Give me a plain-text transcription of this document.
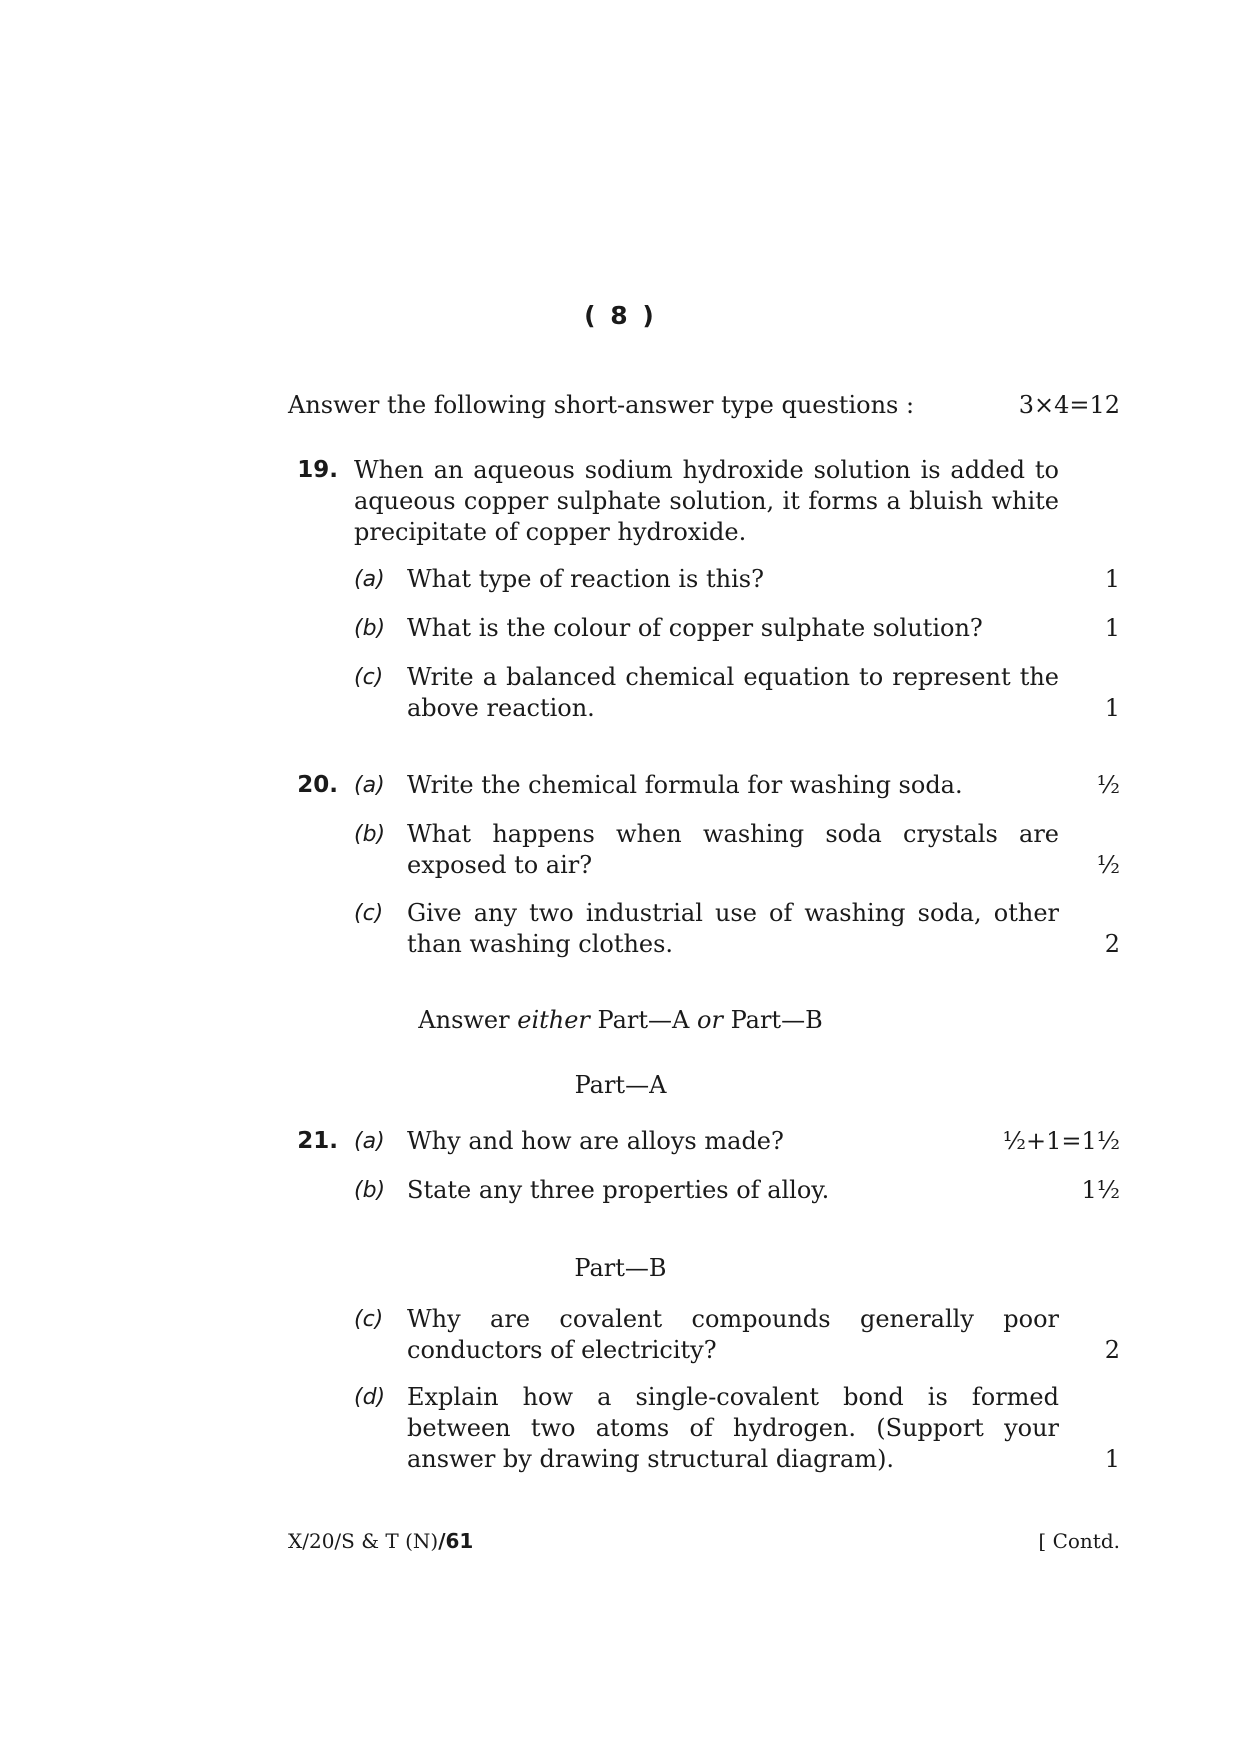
( 8 )
Answer the following short-answer type questions :	3×4=12
19. When an aqueous sodium hydroxide solution is added to aqueous copper sulphate solution, it forms a bluish white precipitate of copper hydroxide.
(a) What type of reaction is this?	1
(b) What is the colour of copper sulphate solution?	1
(c) Write a balanced chemical equation to represent the above reaction.	1
20. (a) Write the chemical formula for washing soda.	½
(b) What happens when washing soda crystals are exposed to air?	½
(c) Give any two industrial use of washing soda, other than washing clothes.	2
Answer either Part—A or Part—B
Part—A
21. (a) Why and how are alloys made?	½+1=1½
(b) State any three properties of alloy.	1½
Part—B
(c) Why are covalent compounds generally poor conductors of electricity?	2
(d) Explain how a single-covalent bond is formed between two atoms of hydrogen. (Support your answer by drawing structural diagram).	1
X/20/S & T (N)/61	[ Contd.
